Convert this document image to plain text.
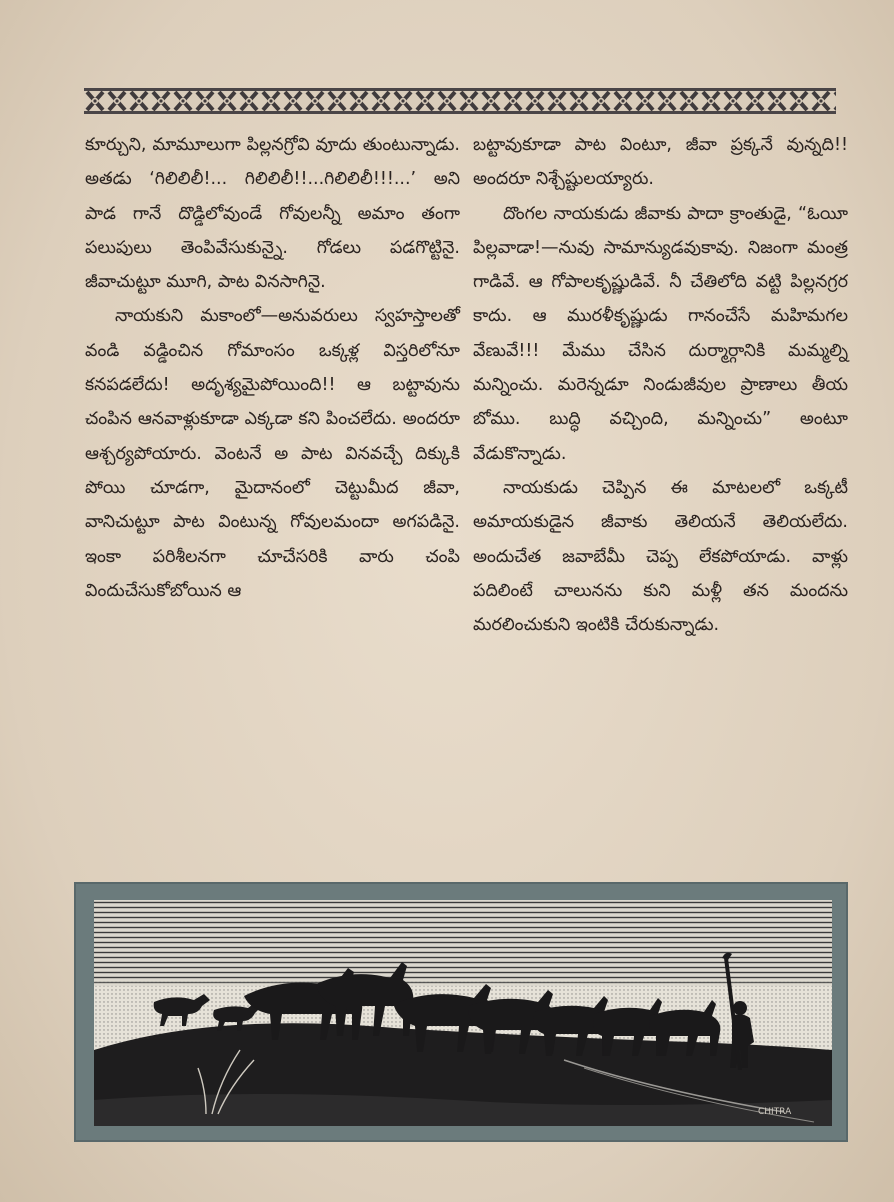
కూర్చుని, మామూలుగా పిల్లనగ్రోవి వూదు తుంటున్నాడు. అతడు ‘గిలిలిలీ!... గిలిలిలీ!!...గిలిలిలీ!!!...’ అని పాడ గానే దొడ్డిలోవుండే గోవులన్నీ అమాం తంగా పలుపులు తెంపివేసుకున్నై. గోడలు పడగొట్టినై. జీవాచుట్టూ మూగి, పాట వినసాగినై.

నాయకుని మకాంలో—అనువరులు స్వహస్తాలతో వండి వడ్డించిన గోమాంసం ఒక్కళ్ల విస్తరిలోనూ కనపడలేదు! అదృశ్యమైపోయింది!! ఆ బట్టావును చంపిన ఆనవాళ్లుకూడా ఎక్కడా కని పించలేదు. అందరూ ఆశ్చర్యపోయారు. వెంటనే అ పాట వినవచ్చే దిక్కుకి పోయి చూడగా, మైదానంలో చెట్టుమీద జీవా, వానిచుట్టూ పాట వింటున్న గోవులమందా అగపడినై. ఇంకా పరిశీలనగా చూచేసరికి వారు చంపి విందుచేసుకోబోయిన ఆ

బట్టావుకూడా పాట వింటూ, జీవా ప్రక్కనే వున్నది!! అందరూ నిశ్చేష్టులయ్యారు.

దొంగల నాయకుడు జీవాకు పాదా క్రాంతుడై, “ఓయీ పిల్లవాడా!—నువు సామాన్యుడవుకావు. నిజంగా మంత్ర గాడివే. ఆ గోపాలకృష్ణుడివే. నీ చేతిలోది వట్టి పిల్లనగ్రర కాదు. ఆ మురళీకృష్ణుడు గానంచేసే మహిమగల వేణువే!!! మేము చేసిన దుర్మార్గానికి మమ్మల్ని మన్నించు. మరెన్నడూ నిండుజీవుల ప్రాణాలు తీయ బోము. బుద్ధి వచ్చింది, మన్నించు” అంటూ వేడుకొన్నాడు.

నాయకుడు చెప్పిన ఈ మాటలలో ఒక్కటీ అమాయకుడైన జీవాకు తెలియనే తెలియలేదు. అందుచేత జవాబేమీ చెప్ప లేకపోయాడు. వాళ్లు పదిలింటే చాలునను కుని మళ్లీ తన మందను మరలించుకుని ఇంటికి చేరుకున్నాడు.

CHITRA
